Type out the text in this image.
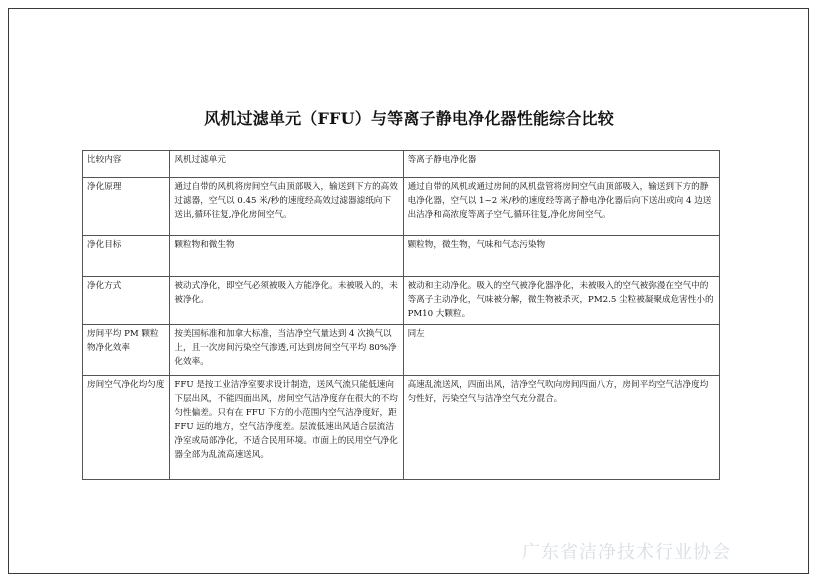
风机过滤单元（FFU）与等离子静电净化器性能综合比较
比较内容	风机过滤单元	等离子静电净化器
净化原理	通过自带的风机将房间空气由顶部吸入，输送到下方的高效过滤器，空气以 0.45 米/秒的速度经高效过滤器滤纸向下送出,循环往复,净化房间空气。	通过自带的风机或通过房间的风机盘管将房间空气由顶部吸入，输送到下方的静电净化器，空气以 1~2 米/秒的速度经等离子静电净化器后向下送出或向 4 边送出洁净和高浓度等离子空气,循环往复,净化房间空气。
净化目标	颗粒物和微生物	颗粒物，微生物，气味和气态污染物
净化方式	被动式净化，即空气必须被吸入方能净化。未被吸入的，未被净化。	被动和主动净化。吸入的空气被净化器净化，未被吸入的空气被弥漫在空气中的等离子主动净化，气味被分解，微生物被杀灭，PM2.5 尘粒被凝聚成危害性小的 PM10 大颗粒。
房间平均 PM 颗粒物净化效率	按美国标准和加拿大标准，当洁净空气量达到 4 次换气以上，且一次房间污染空气渗透,可达到房间空气平均 80%净化效率。	同左
房间空气净化均匀度	FFU 是按工业洁净室要求设计制造，送风气流只能低速向下层出风，不能四面出风，房间空气洁净度存在很大的不均匀性偏差。只有在 FFU 下方的小范围内空气洁净度好，距 FFU 远的地方，空气洁净度差。层流低速出风适合层流洁净室或局部净化，不适合民用环境。市面上的民用空气净化器全部为乱流高速送风。	高速乱流送风，四面出风，洁净空气吹向房间四面八方，房间平均空气洁净度均匀性好，污染空气与洁净空气充分混合。
广东省洁净技术行业协会
